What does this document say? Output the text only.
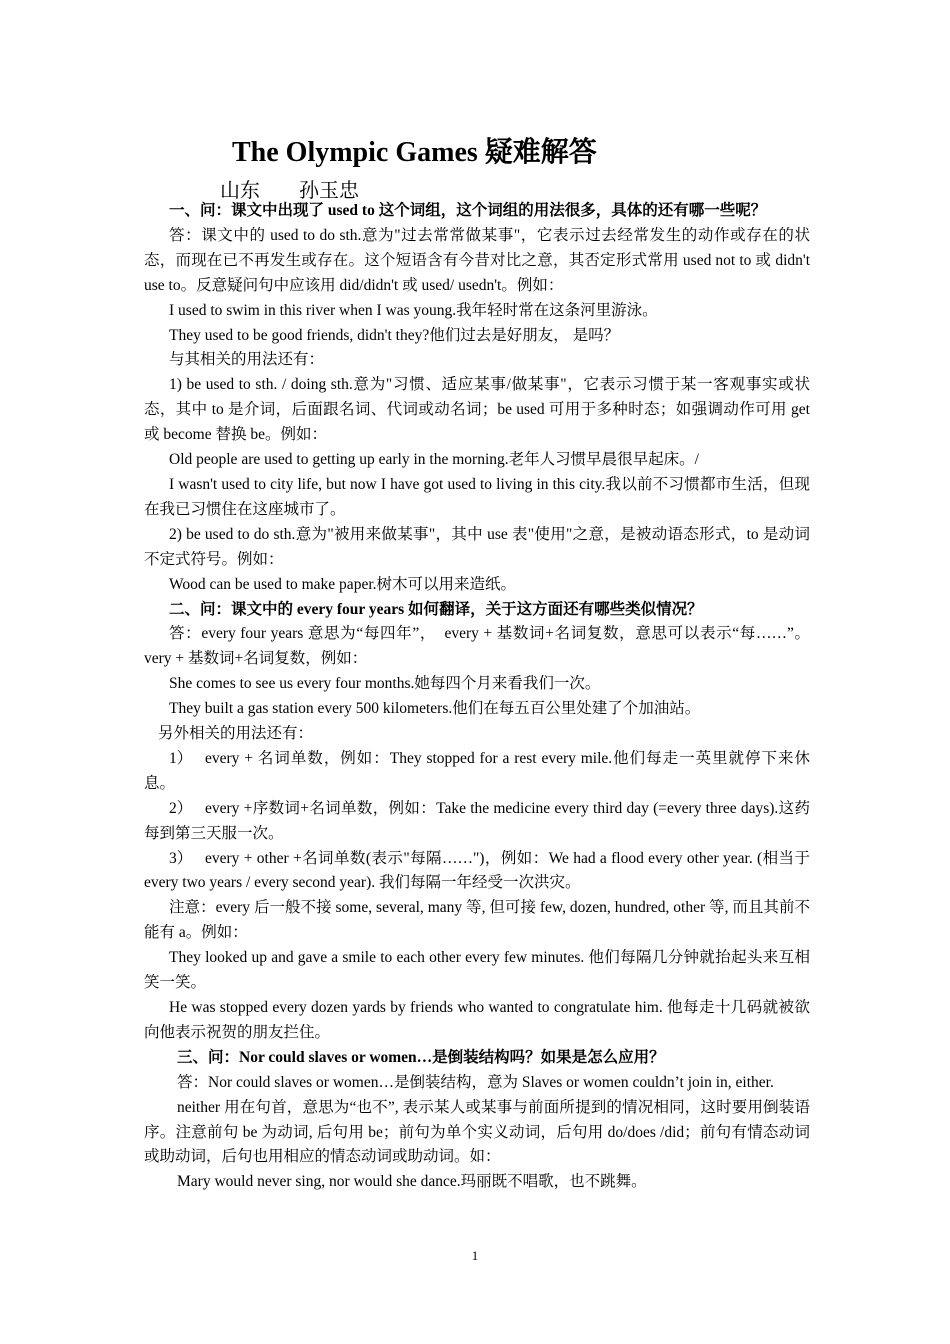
The Olympic Games 疑难解答
山东　 孙玉忠

一、问：课文中出现了 used to 这个词组，这个词组的用法很多，具体的还有哪一些呢？

答：课文中的 used to do sth.意为"过去常常做某事"，它表示过去经常发生的动作或存在的状态，而现在已不再发生或存在。这个短语含有今昔对比之意，其否定形式常用 used not to 或 didn't use to。反意疑问句中应该用 did/didn't 或 used/ usedn't。例如：

I used to swim in this river when I was young.我年轻时常在这条河里游泳。

They used to be good friends, didn't they?他们过去是好朋友， 是吗？

与其相关的用法还有：

1) be used to sth. / doing sth.意为"习惯、适应某事/做某事"，它表示习惯于某一客观事实或状态，其中 to 是介词，后面跟名词、代词或动名词；be used 可用于多种时态；如强调动作可用 get 或 become 替换 be。例如：

Old people are used to getting up early in the morning.老年人习惯早晨很早起床。/

I wasn't used to city life, but now I have got used to living in this city.我以前不习惯都市生活，但现在我已习惯住在这座城市了。

2) be used to do sth.意为"被用来做某事"，其中 use 表"使用"之意，是被动语态形式，to 是动词不定式符号。例如：

Wood can be used to make paper.树木可以用来造纸。

二、问：课文中的 every four years 如何翻译，关于这方面还有哪些类似情况？

答：every four years 意思为“每四年”，　every + 基数词+名词复数，意思可以表示“每……”。very + 基数词+名词复数，例如：

She comes to see us every four months.她每四个月来看我们一次。

They built a gas station every 500 kilometers.他们在每五百公里处建了个加油站。

另外相关的用法还有：

1） every + 名词单数，例如：They stopped for a rest every mile.他们每走一英里就停下来休息。

2） every +序数词+名词单数，例如：Take the medicine every third day (=every three days).这药每到第三天服一次。

3） every + other +名词单数(表示"每隔……")，例如：We had a flood every other year. (相当于 every two years / every second year). 我们每隔一年经受一次洪灾。

注意：every 后一般不接 some, several, many 等, 但可接 few, dozen, hundred, other 等, 而且其前不能有 a。例如：

They looked up and gave a smile to each other every few minutes. 他们每隔几分钟就抬起头来互相笑一笑。

He was stopped every dozen yards by friends who wanted to congratulate him. 他每走十几码就被欲向他表示祝贺的朋友拦住。

三、问：Nor could slaves or women…是倒装结构吗？如果是怎么应用？

答：Nor could slaves or women…是倒装结构，意为 Slaves or women couldn’t join in, either.

neither 用在句首，意思为“也不”, 表示某人或某事与前面所提到的情况相同，这时要用倒装语序。注意前句 be 为动词, 后句用 be；前句为单个实义动词，后句用 do/does /did；前句有情态动词或助动词，后句也用相应的情态动词或助动词。如：

Mary would never sing, nor would she dance.玛丽既不唱歌，也不跳舞。

1
